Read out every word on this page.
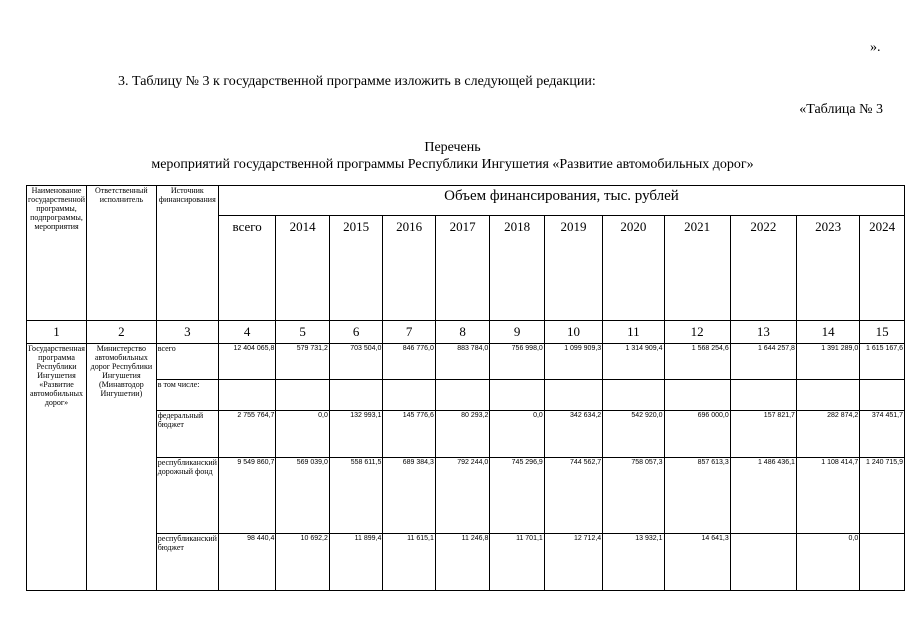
».
3. Таблицу № 3 к государственной программе изложить в следующей редакции:
«Таблица № 3
Перечень
мероприятий государственной программы Республики Ингушетия «Развитие автомобильных дорог»
Наименование государственной программы, подпрограммы, мероприятия	Ответственный исполнитель	Источник финансирования	Объем финансирования, тыс. рублей											
			всего	2014	2015	2016	2017	2018	2019	2020	2021	2022	2023	2024
1	2	3	4	5	6	7	8	9	10	11	12	13	14	15
Государственная программа Республики Ингушетия «Развитие автомобильных дорог»	Министерство автомобильных дорог Республики Ингушетия (Минавтодор Ингушетии)	всего	12 404 065,8	579 731,2	703 504,0	846 776,0	883 784,0	756 998,0	1 099 909,3	1 314 909,4	1 568 254,6	1 644 257,8	1 391 289,0	1 615 167,6
		в том числе:												
		федеральный бюджет	2 755 764,7	0,0	132 993,1	145 776,6	80 293,2	0,0	342 634,2	542 920,0	696 000,0	157 821,7	282 874,2	374 451,7
		республиканский дорожный фонд	9 549 860,7	569 039,0	558 611,5	689 384,3	792 244,0	745 296,9	744 562,7	758 057,3	857 613,3	1 486 436,1	1 108 414,7	1 240 715,9
		республиканский бюджет	98 440,4	10 692,2	11 899,4	11 615,1	11 246,8	11 701,1	12 712,4	13 932,1	14 641,3		0,0	
